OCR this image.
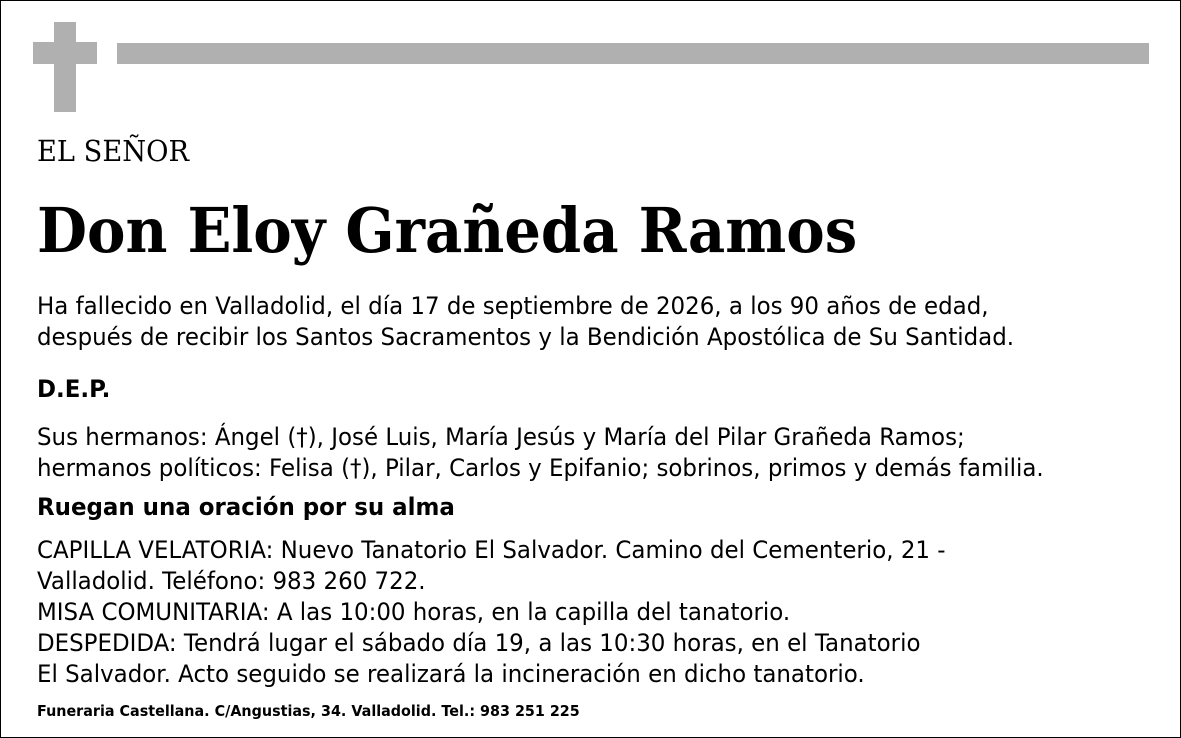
EL SEÑOR
Don Eloy Grañeda Ramos
Ha fallecido en Valladolid, el día 17 de septiembre de 2026, a los 90 años de edad,
después de recibir los Santos Sacramentos y la Bendición Apostólica de Su Santidad.
D.E.P.
Sus hermanos: Ángel (†), José Luis, María Jesús y María del Pilar Grañeda Ramos;
hermanos políticos: Felisa (†), Pilar, Carlos y Epifanio; sobrinos, primos y demás familia.
Ruegan una oración por su alma
CAPILLA VELATORIA: Nuevo Tanatorio El Salvador. Camino del Cementerio, 21 -
Valladolid. Teléfono: 983 260 722.
MISA COMUNITARIA: A las 10:00 horas, en la capilla del tanatorio.
DESPEDIDA: Tendrá lugar el sábado día 19, a las 10:30 horas, en el Tanatorio
El Salvador. Acto seguido se realizará la incineración en dicho tanatorio.
Funeraria Castellana. C/Angustias, 34. Valladolid. Tel.: 983 251 225
